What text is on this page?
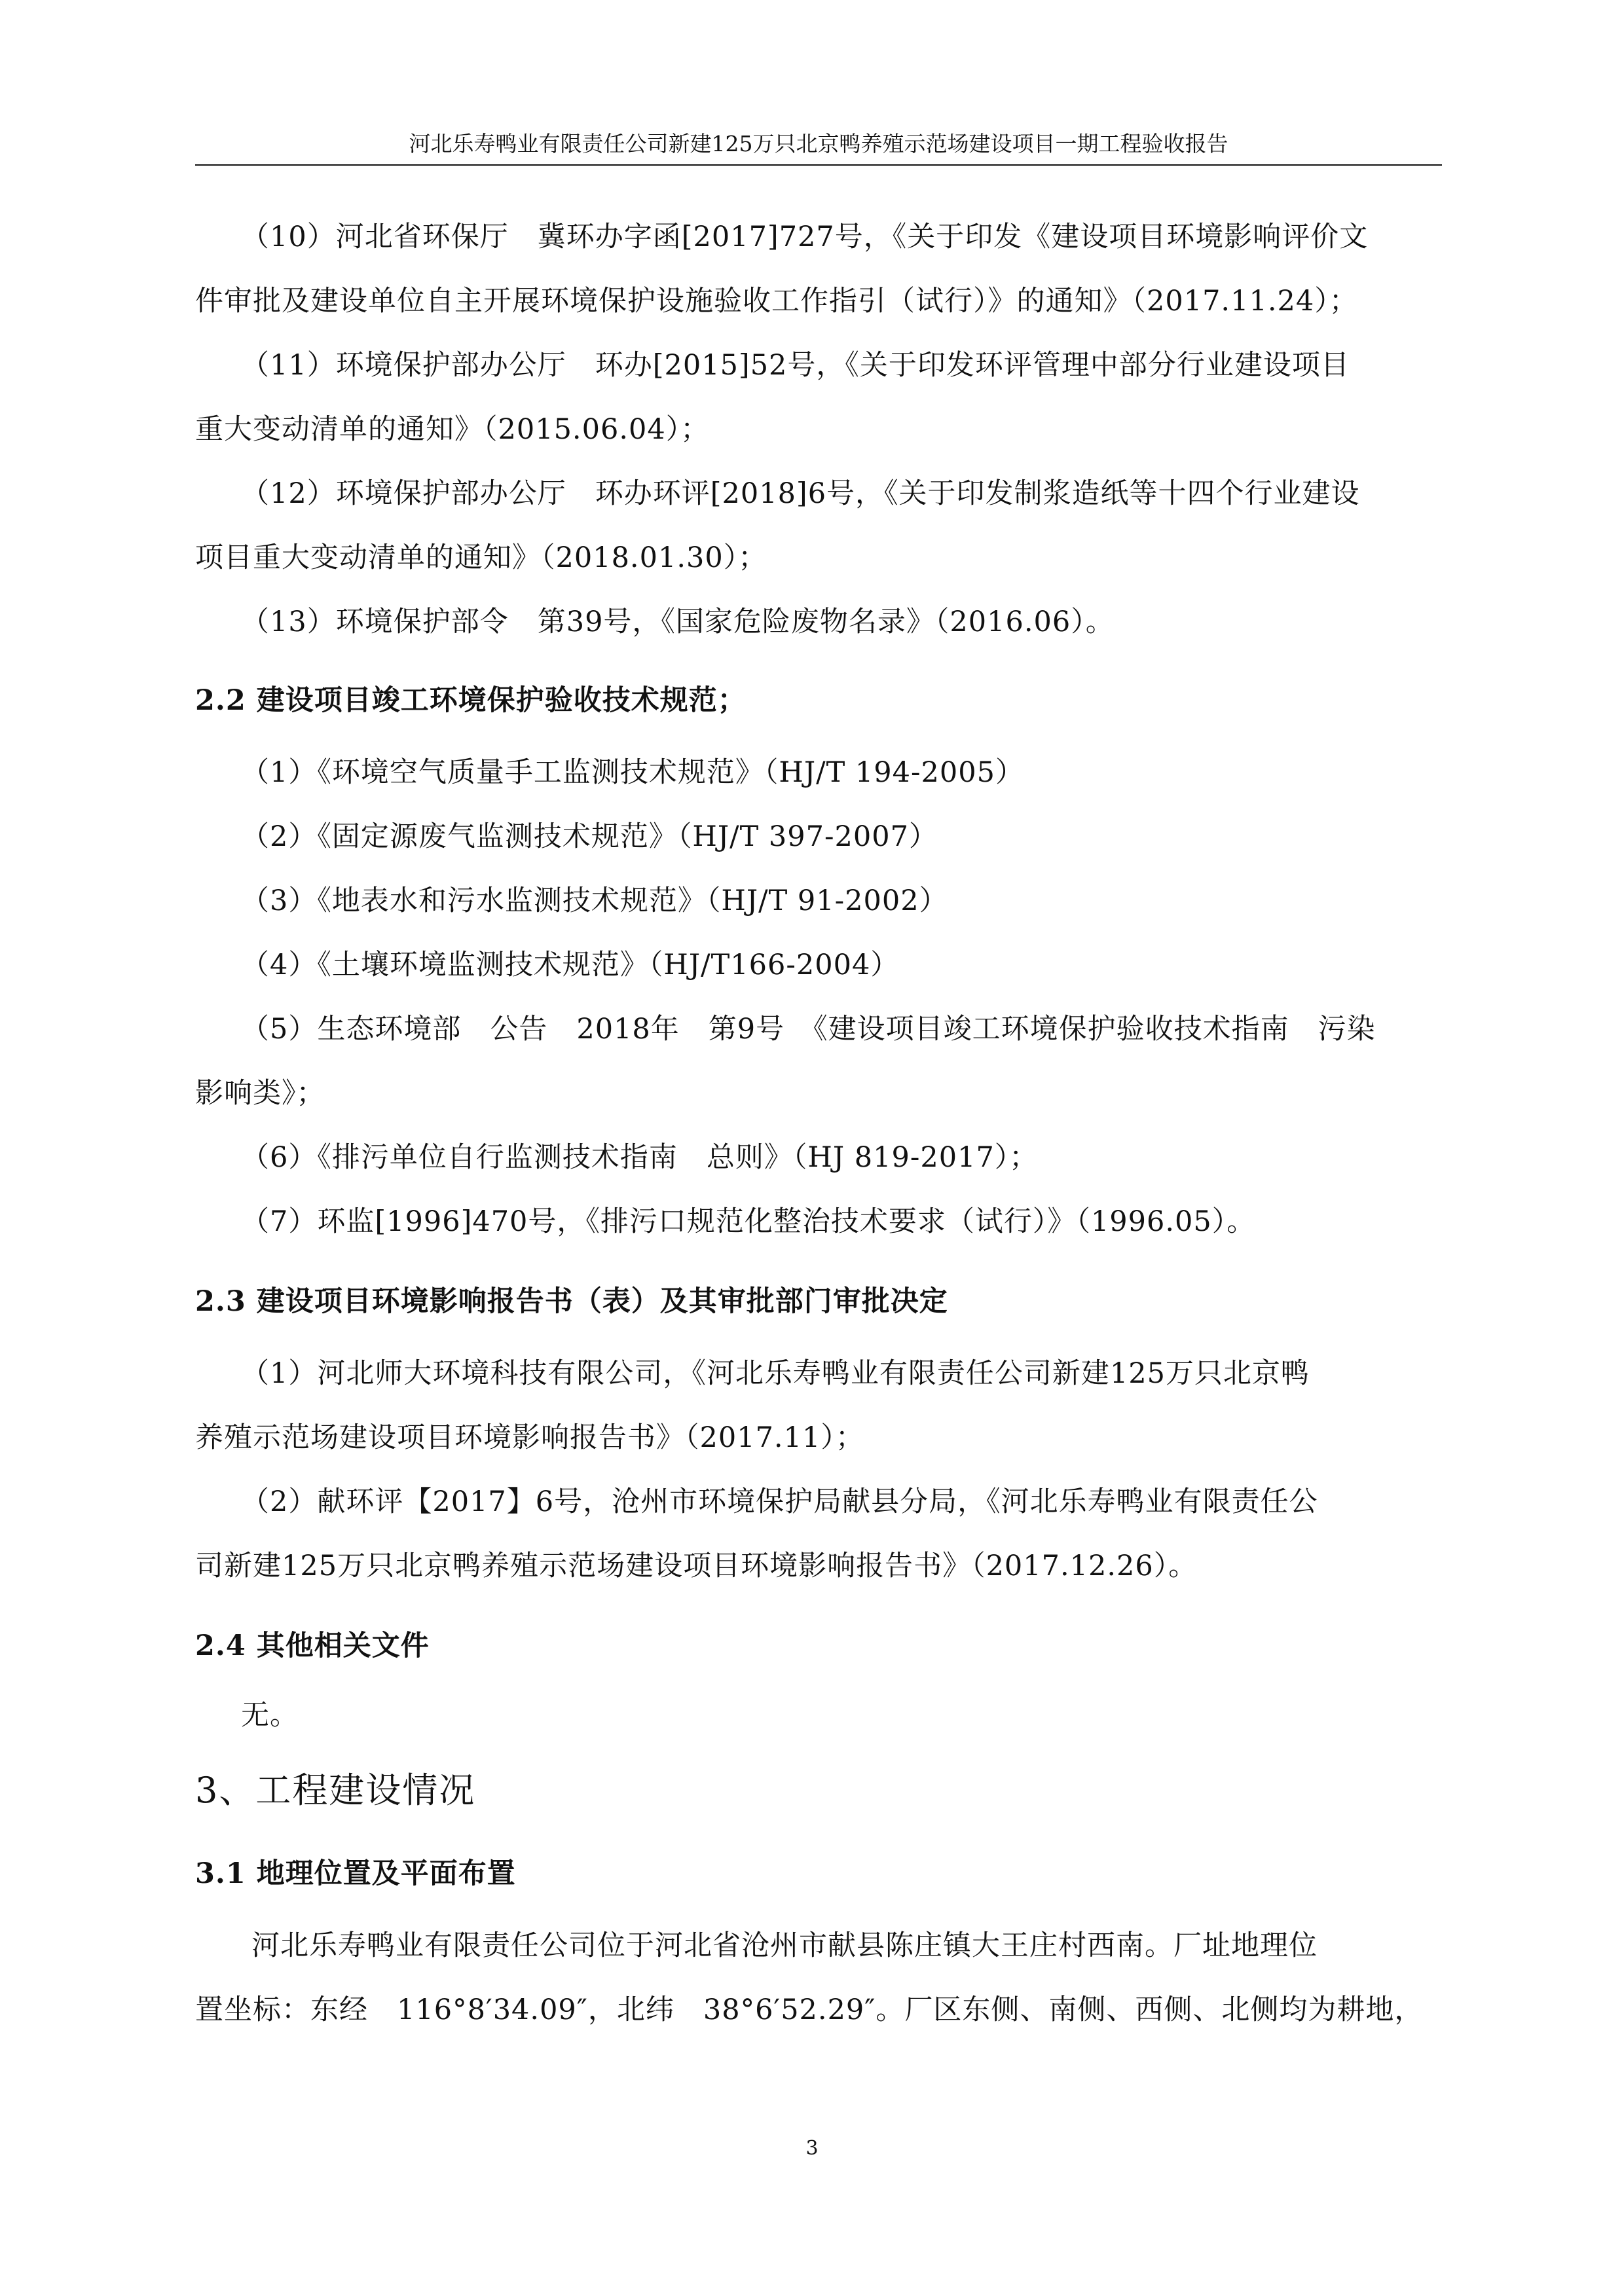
河北乐寿鸭业有限责任公司新建125万只北京鸭养殖示范场建设项目一期工程验收报告
（10）河北省环保厅　冀环办字函[2017]727号，《关于印发《建设项目环境影响评价文
件审批及建设单位自主开展环境保护设施验收工作指引（试行）》的通知》（2017.11.24）；
（11）环境保护部办公厅　环办[2015]52号，《关于印发环评管理中部分行业建设项目
重大变动清单的通知》（2015.06.04）；
（12）环境保护部办公厅　环办环评[2018]6号，《关于印发制浆造纸等十四个行业建设
项目重大变动清单的通知》（2018.01.30）；
（13）环境保护部令　第39号，《国家危险废物名录》（2016.06）。
2.2 建设项目竣工环境保护验收技术规范；
（1）《环境空气质量手工监测技术规范》（HJ/T 194-2005）
（2）《固定源废气监测技术规范》（HJ/T 397-2007）
（3）《地表水和污水监测技术规范》（HJ/T 91-2002）
（4）《土壤环境监测技术规范》（HJ/T166-2004）
（5）生态环境部　公告　2018年　第9号　《建设项目竣工环境保护验收技术指南　污染
影响类》；
（6）《排污单位自行监测技术指南　总则》（HJ 819-2017）；
（7）环监[1996]470号，《排污口规范化整治技术要求（试行）》（1996.05）。
2.3 建设项目环境影响报告书（表）及其审批部门审批决定
（1）河北师大环境科技有限公司，《河北乐寿鸭业有限责任公司新建125万只北京鸭
养殖示范场建设项目环境影响报告书》（2017.11）；
（2）献环评【2017】6号，沧州市环境保护局献县分局，《河北乐寿鸭业有限责任公
司新建125万只北京鸭养殖示范场建设项目环境影响报告书》（2017.12.26）。
2.4 其他相关文件
无。
3、工程建设情况
3.1 地理位置及平面布置
河北乐寿鸭业有限责任公司位于河北省沧州市献县陈庄镇大王庄村西南。厂址地理位
置坐标：东经　116°8′34.09″，北纬　38°6′52.29″。厂区东侧、南侧、西侧、北侧均为耕地，
3
